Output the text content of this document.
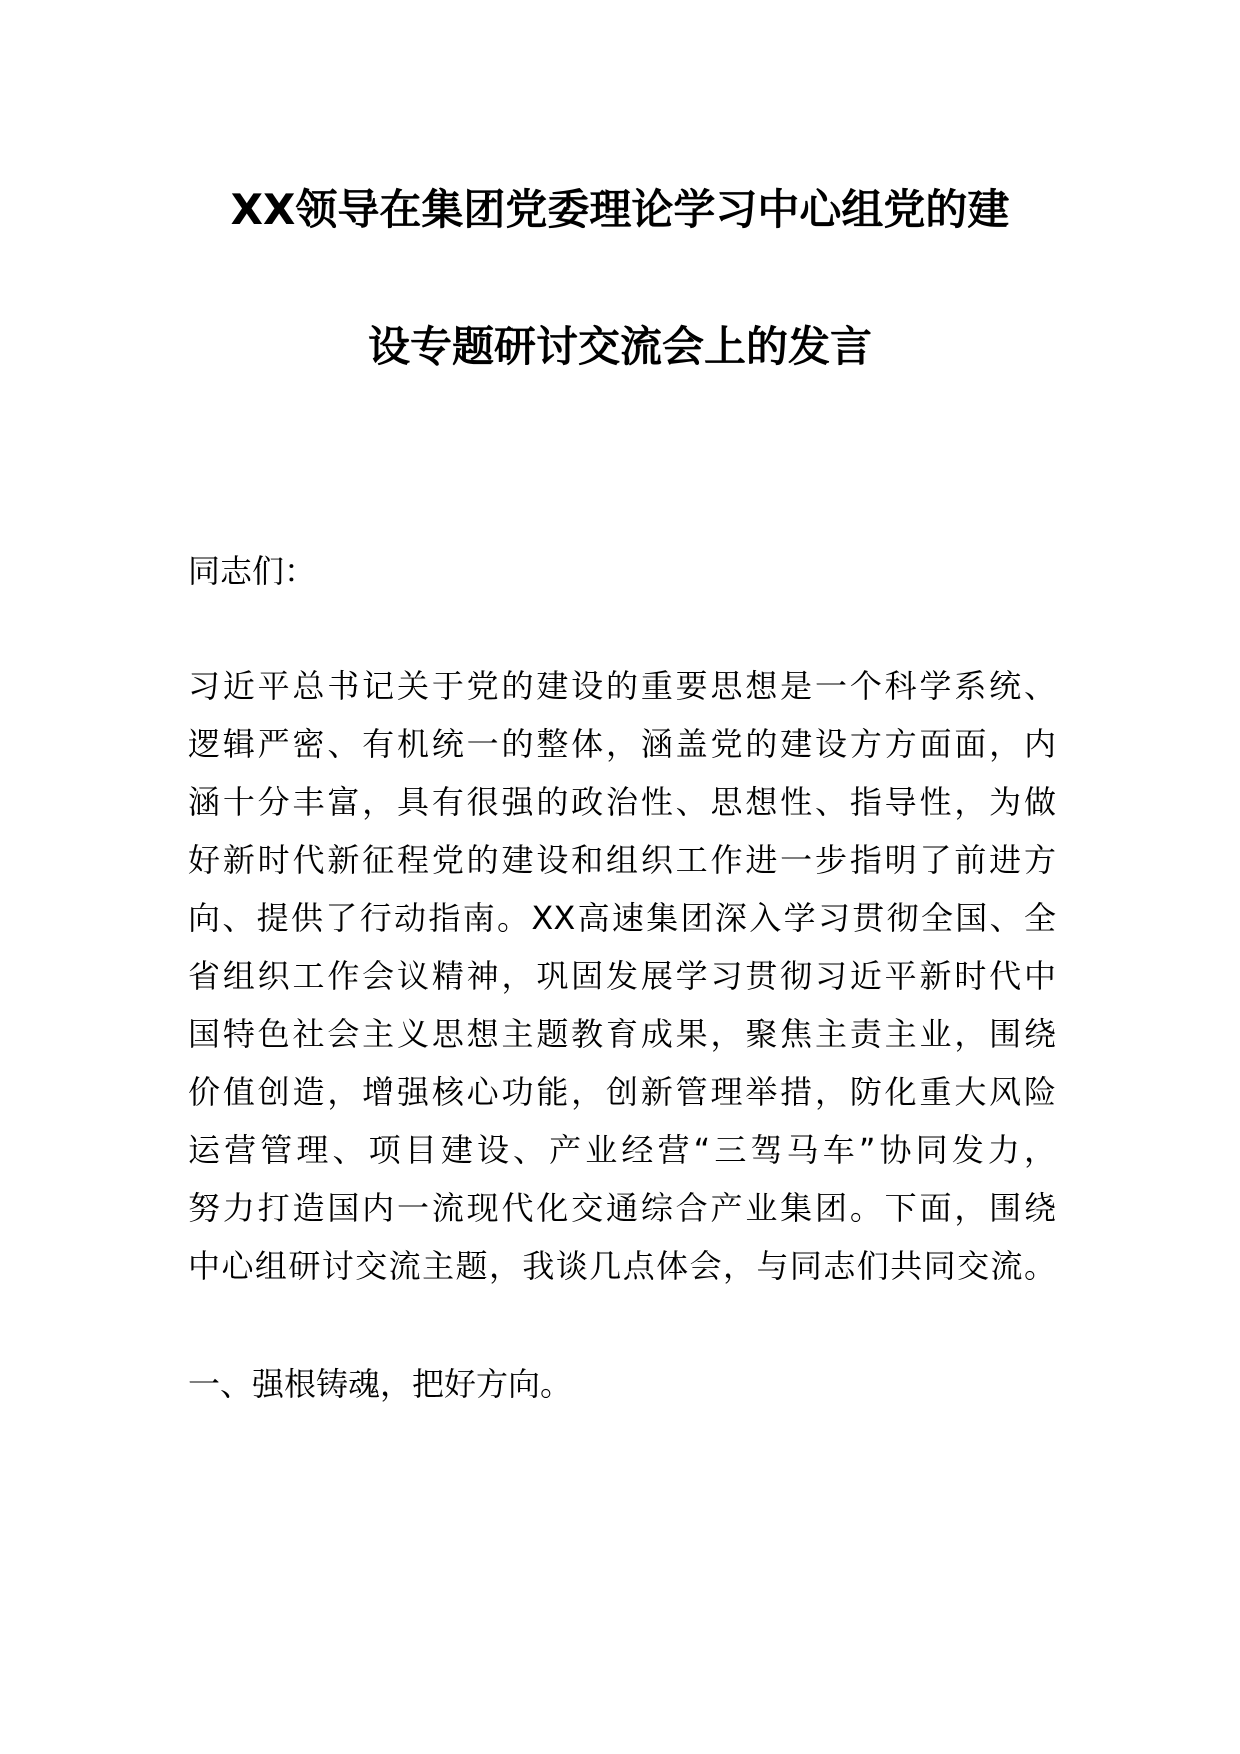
XX领导在集团党委理论学习中心组党的建
设专题研讨交流会上的发言
同志们：
习近平总书记关于党的建设的重要思想是一个科学系统、
逻辑严密、有机统一的整体，涵盖党的建设方方面面，内
涵十分丰富，具有很强的政治性、思想性、指导性，为做
好新时代新征程党的建设和组织工作进一步指明了前进方
向、提供了行动指南。XX高速集团深入学习贯彻全国、全
省组织工作会议精神，巩固发展学习贯彻习近平新时代中
国特色社会主义思想主题教育成果，聚焦主责主业，围绕
价值创造，增强核心功能，创新管理举措，防化重大风险
运营管理、项目建设、产业经营“三驾马车”协同发力，
努力打造国内一流现代化交通综合产业集团。下面，围绕
中心组研讨交流主题，我谈几点体会，与同志们共同交流。
一、强根铸魂，把好方向。
